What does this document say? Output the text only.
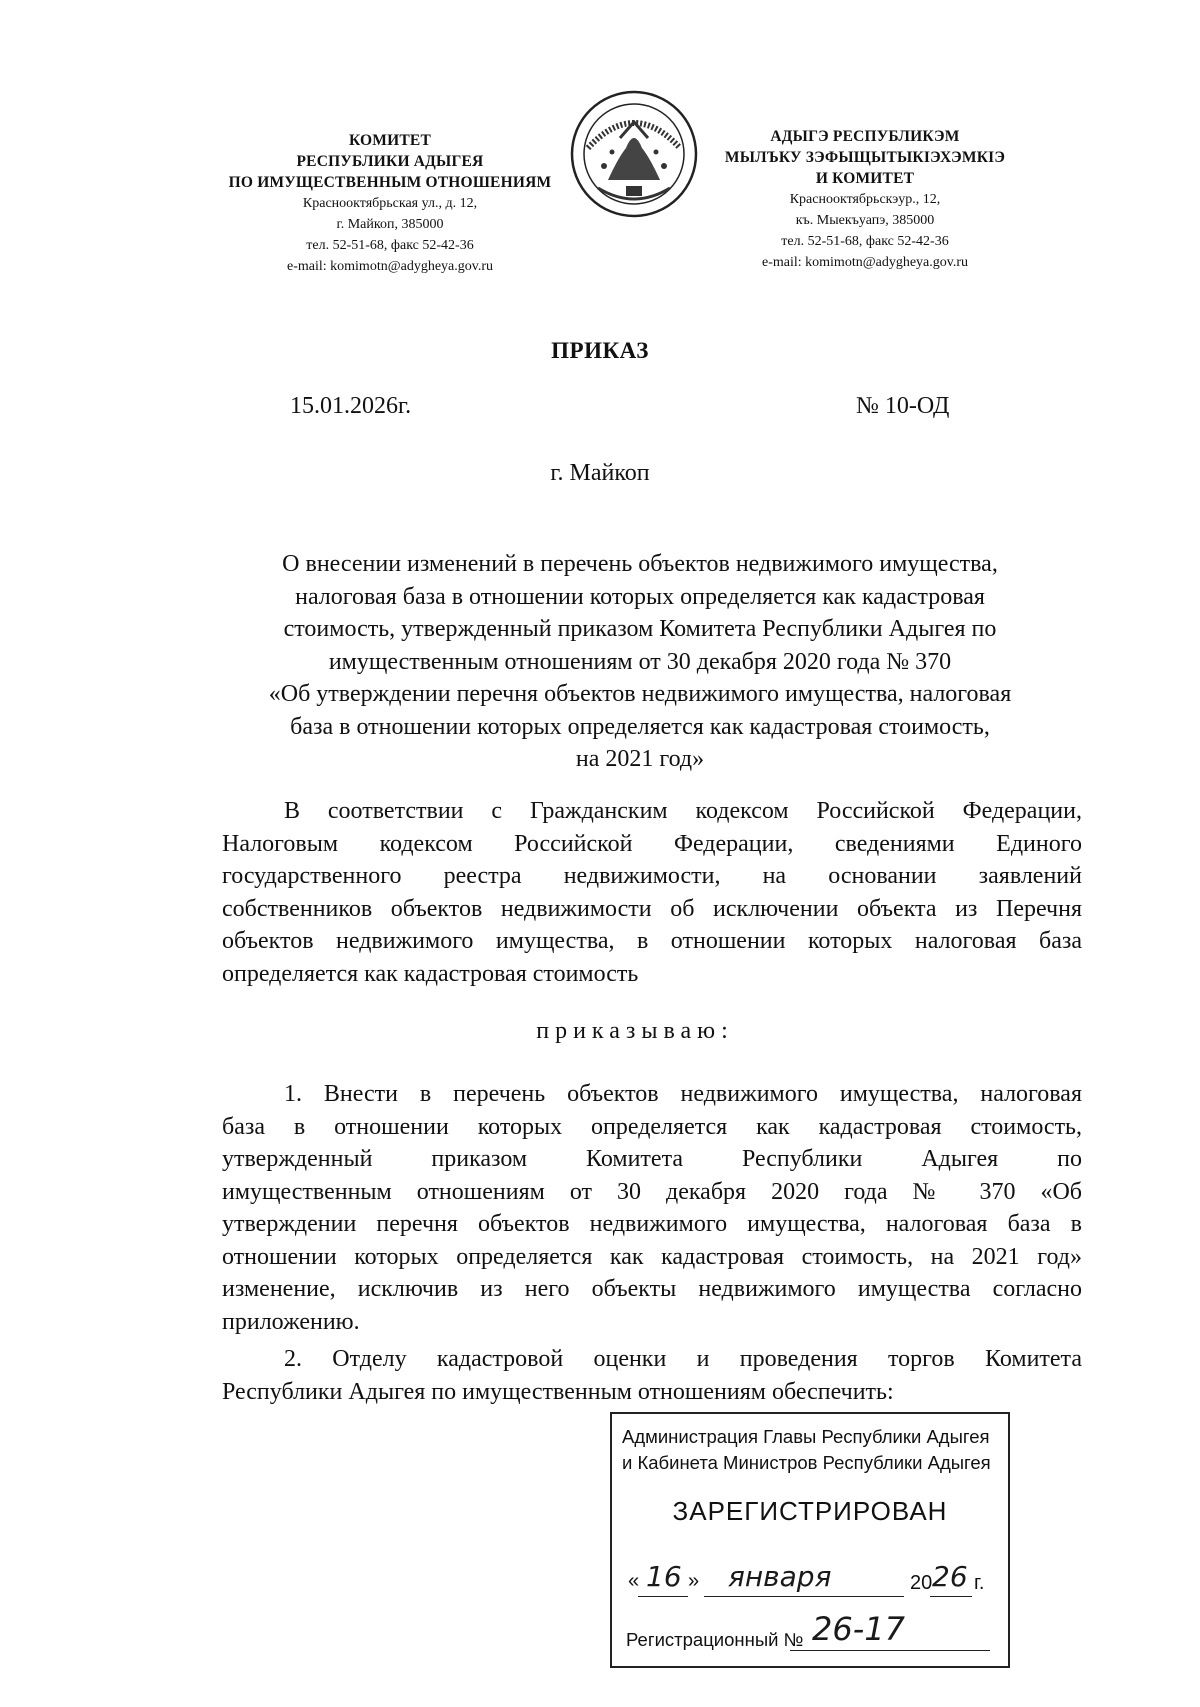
КОМИТЕТ
РЕСПУБЛИКИ АДЫГЕЯ
ПО ИМУЩЕСТВЕННЫМ ОТНОШЕНИЯМ
Краснооктябрьская ул., д. 12,
г. Майкоп, 385000
тел. 52-51-68, факс 52-42-36
e-mail: komimotn@adygheya.gov.ru
АДЫГЭ РЕСПУБЛИКЭМ
МЫЛЪКУ ЗЭФЫЩЫТЫКІЭХЭМКІЭ
И КОМИТЕТ
Краснооктябрьскэур., 12,
къ. Мыекъуапэ, 385000
тел. 52-51-68, факс 52-42-36
e-mail: komimotn@adygheya.gov.ru
ПРИКАЗ
15.01.2026г.	№ 10-ОД
г. Майкоп
О внесении изменений в перечень объектов недвижимого имущества,
налоговая база в отношении которых определяется как кадастровая
стоимость, утвержденный приказом Комитета Республики Адыгея по
имущественным отношениям от 30 декабря 2020 года № 370
«Об утверждении перечня объектов недвижимого имущества, налоговая
база в отношении которых определяется как кадастровая стоимость,
на 2021 год»
В соответствии с Гражданским кодексом Российской Федерации,
Налоговым кодексом Российской Федерации, сведениями Единого
государственного реестра недвижимости, на основании заявлений
собственников объектов недвижимости об исключении объекта из Перечня
объектов недвижимого имущества, в отношении которых налоговая база
определяется как кадастровая стоимость
приказываю:
1. Внести в перечень объектов недвижимого имущества, налоговая
база в отношении которых определяется как кадастровая стоимость,
утвержденный приказом Комитета Республики Адыгея по
имущественным отношениям от 30 декабря 2020 года № 370 «Об
утверждении перечня объектов недвижимого имущества, налоговая база в
отношении которых определяется как кадастровая стоимость, на 2021 год»
изменение, исключив из него объекты недвижимого имущества согласно
приложению.
2. Отделу кадастровой оценки и проведения торгов Комитета
Республики Адыгея по имущественным отношениям обеспечить:
Администрация Главы Республики Адыгея
и Кабинета Министров Республики Адыгея
ЗАРЕГИСТРИРОВАН
« 16 » января	20 26 г.
Регистрационный № 26-17
